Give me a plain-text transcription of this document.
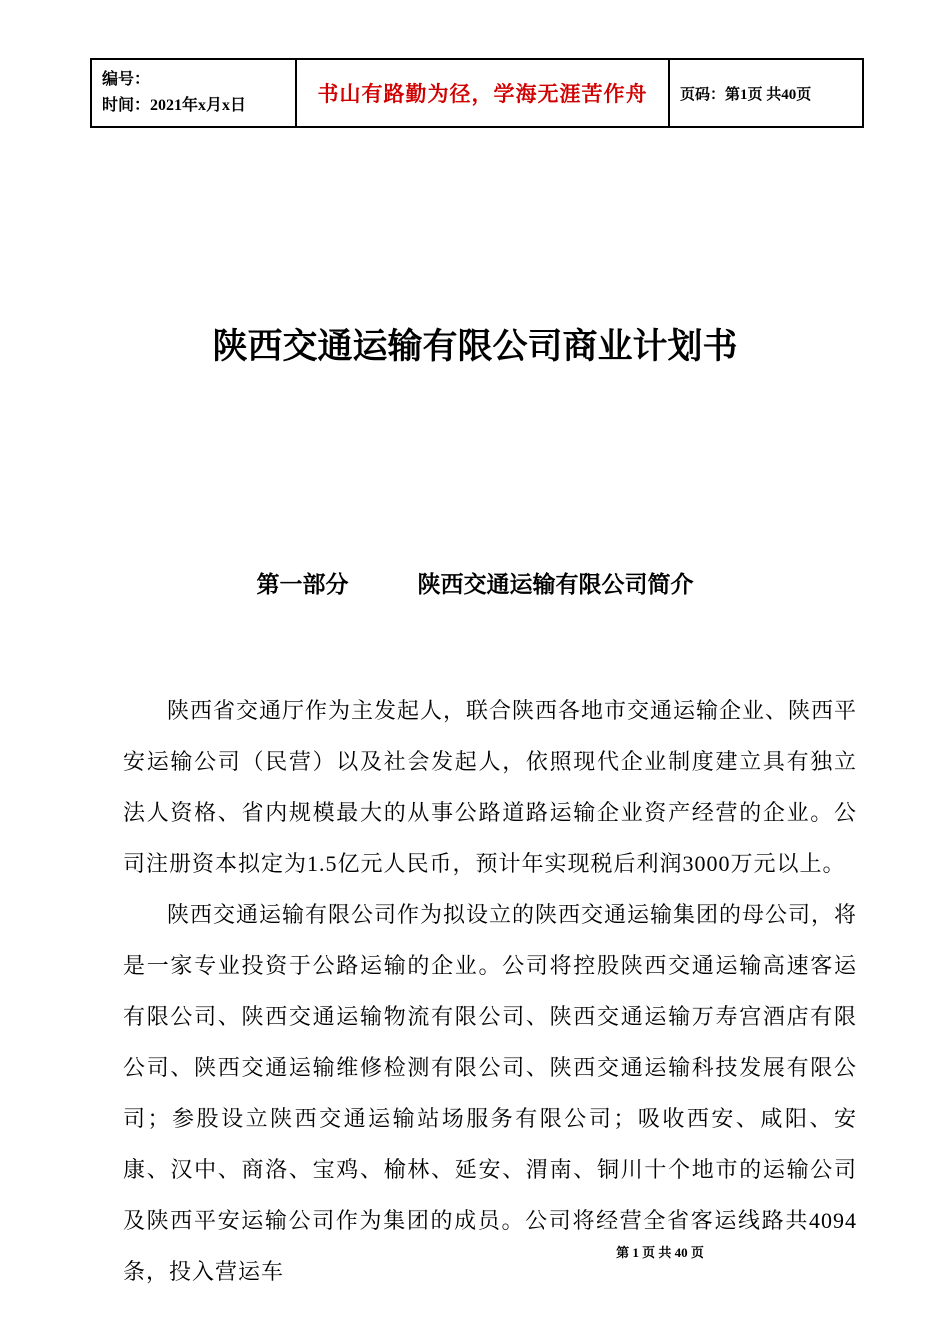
编号：
时间：2021年x月x日	书山有路勤为径，学海无涯苦作舟	页码：第1页 共40页
陕西交通运输有限公司商业计划书
第一部分　　　陕西交通运输有限公司简介

陕西省交通厅作为主发起人，联合陕西各地市交通运输企业、陕西平安运输公司（民营）以及社会发起人，依照现代企业制度建立具有独立法人资格、省内规模最大的从事公路道路运输企业资产经营的企业。公司注册资本拟定为1.5亿元人民币，预计年实现税后利润3000万元以上。

陕西交通运输有限公司作为拟设立的陕西交通运输集团的母公司，将是一家专业投资于公路运输的企业。公司将控股陕西交通运输高速客运有限公司、陕西交通运输物流有限公司、陕西交通运输万寿宫酒店有限公司、陕西交通运输维修检测有限公司、陕西交通运输科技发展有限公司；参股设立陕西交通运输站场服务有限公司；吸收西安、咸阳、安康、汉中、商洛、宝鸡、榆林、延安、渭南、铜川十个地市的运输公司及陕西平安运输公司作为集团的成员。公司将经营全省客运线路共4094条，投入营运车

第 1 页 共 40 页
